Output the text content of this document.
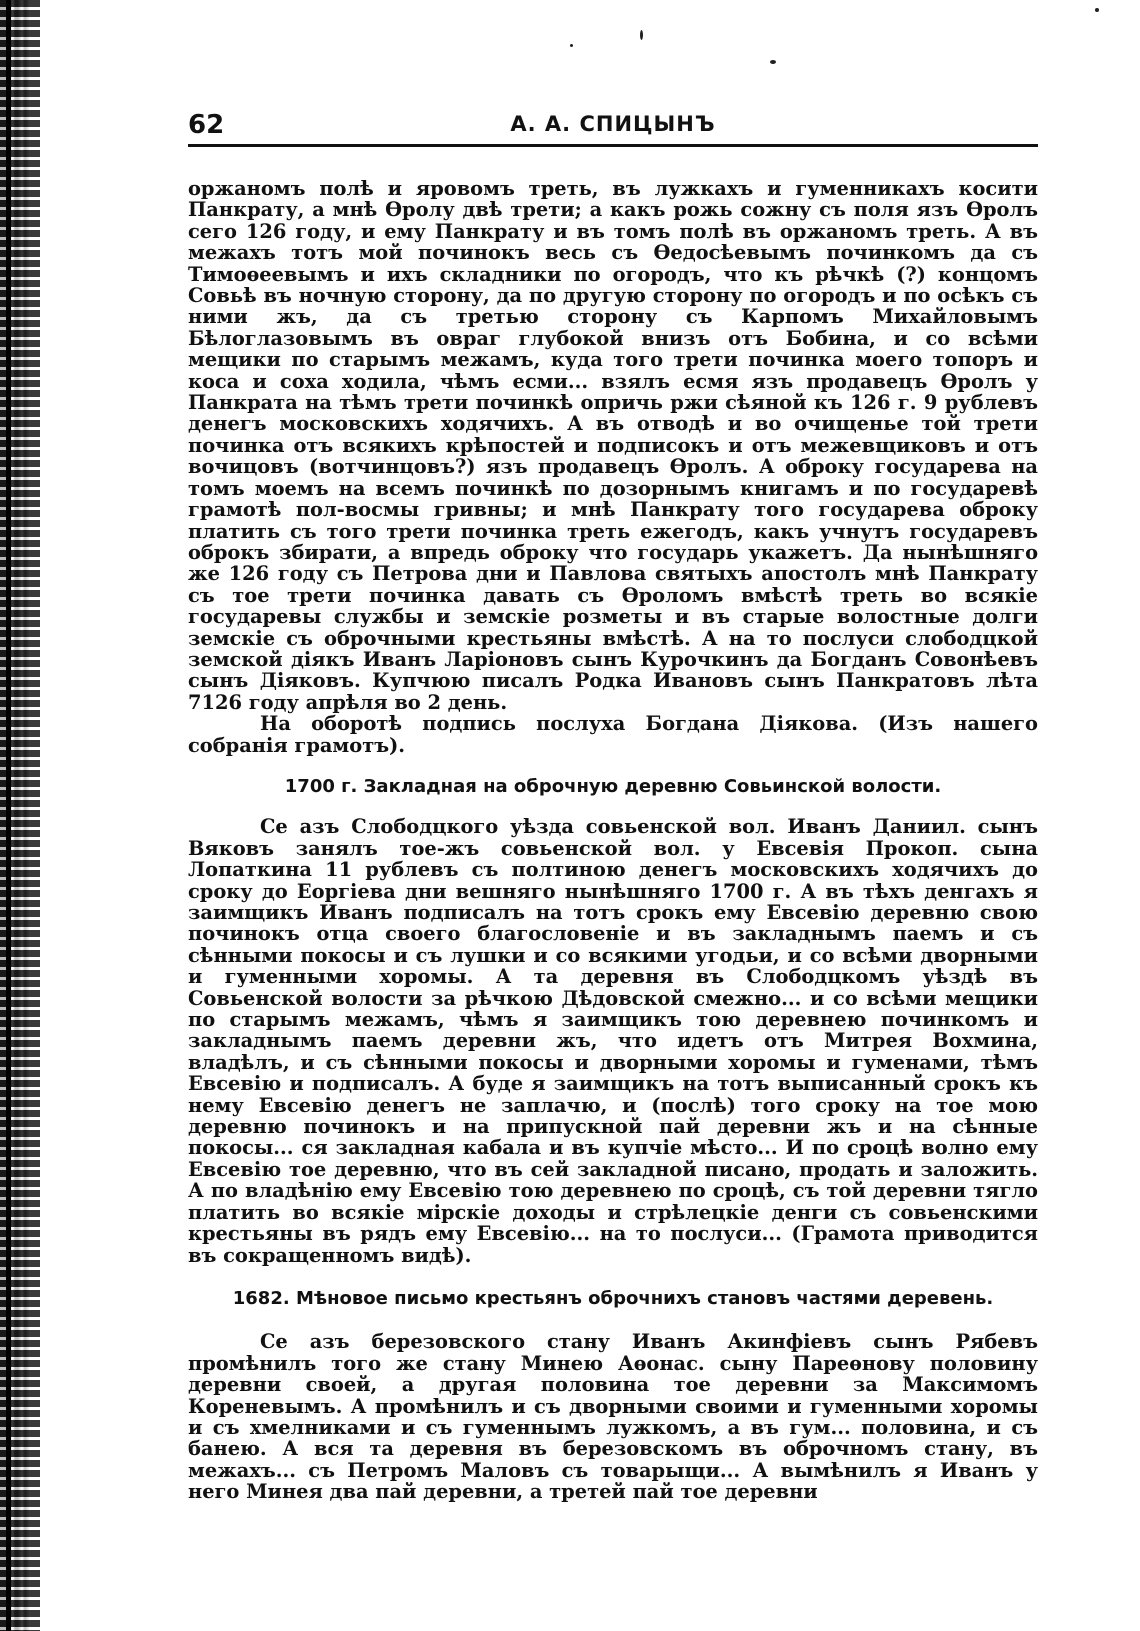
62	А. А. СПИЦЫНЪ

оржаномъ полѣ и яровомъ треть, въ лужкахъ и гуменникахъ косити Панкрату, а мнѣ Ѳролу двѣ трети; а какъ рожь сожну съ поля язъ Ѳролъ сего 126 году, и ему Панкрату и въ томъ полѣ въ оржаномъ треть. А въ межахъ тотъ мой починокъ весь съ Ѳедосѣевымъ починкомъ да съ Тимоѳеевымъ и ихъ складники по огородъ, что къ рѣчкѣ (?) концомъ Совьѣ въ ночную сторону, да по другую сторону по огородъ и по осѣкъ съ ними жъ, да съ третью сторону съ Карпомъ Михайловымъ Бѣлоглазовымъ въ овраг глубокой внизъ отъ Бобина, и со всѣми мещики по старымъ межамъ, куда того трети починка моего топоръ и коса и соха ходила, чѣмъ есми... взялъ есмя язъ продавецъ Ѳролъ у Панкрата на тѣмъ трети починкѣ опричь ржи сѣяной къ 126 г. 9 рублевъ денегъ московскихъ ходячихъ. А въ отводѣ и во очищенье той трети починка отъ всякихъ крѣпостей и подписокъ и отъ межевщиковъ и отъ вочицовъ (вотчинцовъ?) язъ продавецъ Ѳролъ. А оброку государева на томъ моемъ на всемъ починкѣ по дозорнымъ книгамъ и по государевѣ грамотѣ пол-восмы гривны; и мнѣ Панкрату того государева оброку платить съ того трети починка треть ежегодъ, какъ учнутъ государевъ оброкъ збирати, а впредь оброку что государь укажетъ. Да нынѣшняго же 126 году съ Петрова дни и Павлова святыхъ апостолъ мнѣ Панкрату съ тое трети починка давать съ Ѳроломъ вмѣстѣ треть во всякіе государевы службы и земскіе розметы и въ старые волостные долги земскіе съ оброчными крестьяны вмѣстѣ. А на то послуси слободцкой земской діякъ Иванъ Ларіоновъ сынъ Курочкинъ да Богданъ Совонѣевъ сынъ Діяковъ. Купчюю писалъ Родка Ивановъ сынъ Панкратовъ лѣта 7126 году апрѣля во 2 день.

На оборотѣ подпись послуха Богдана Діякова. (Изъ нашего собранія грамотъ).

1700 г. Закладная на оброчную деревню Совьинской волости.

Се азъ Слободцкого уѣзда совьенской вол. Иванъ Даниил. сынъ Вяковъ занялъ тое-жъ совьенской вол. у Евсевія Прокоп. сына Лопаткина 11 рублевъ съ полтиною денегъ московскихъ ходячихъ до сроку до Еоргіева дни вешняго нынѣшняго 1700 г. А въ тѣхъ денгахъ я заимщикъ Иванъ подписалъ на тотъ срокъ ему Евсевію деревню свою починокъ отца своего благословеніе и въ закладнымъ паемъ и съ сѣнными покосы и съ лушки и со всякими угодьи, и со всѣми дворными и гуменными хоромы. А та деревня въ Слободцкомъ уѣздѣ въ Совьенской волости за рѣчкою Дѣдовской смежно... и со всѣми мещики по старымъ межамъ, чѣмъ я заимщикъ тою деревнею починкомъ и закладнымъ паемъ деревни жъ, что идетъ отъ Митрея Вохмина, владѣлъ, и съ сѣнными покосы и дворными хоромы и гуменами, тѣмъ Евсевію и подписалъ. А буде я заимщикъ на тотъ выписанный срокъ къ нему Евсевію денегъ не заплачю, и (послѣ) того сроку на тое мою деревню починокъ и на припускной пай деревни жъ и на сѣнные покосы... ся закладная кабала и въ купчіе мѣсто... И по сроцѣ волно ему Евсевію тое деревню, что въ сей закладной писано, продать и заложить. А по владѣнію ему Евсевію тою деревнею по сроцѣ, съ той деревни тягло платить во всякіе мірскіе доходы и стрѣлецкіе денги съ совьенскими крестьяны въ рядъ ему Евсевію... на то послуси... (Грамота приводится въ сокращенномъ видѣ).

1682. Мѣновое письмо крестьянъ оброчнихъ становъ частями деревень.

Се азъ березовского стану Иванъ Акинфіевъ сынъ Рябевъ промѣнилъ того же стану Минею Аѳонас. сыну Пареѳнову половину деревни своей, а другая половина тое деревни за Максимомъ Кореневымъ. А промѣнилъ и съ дворными своими и гуменными хоромы и съ хмелниками и съ гуменнымъ лужкомъ, а въ гум... половина, и съ банею. А вся та деревня въ березовскомъ въ оброчномъ стану, въ межахъ... съ Петромъ Маловъ съ товарыщи... А вымѣнилъ я Иванъ у него Минея два пай деревни, а третей пай тое деревни
